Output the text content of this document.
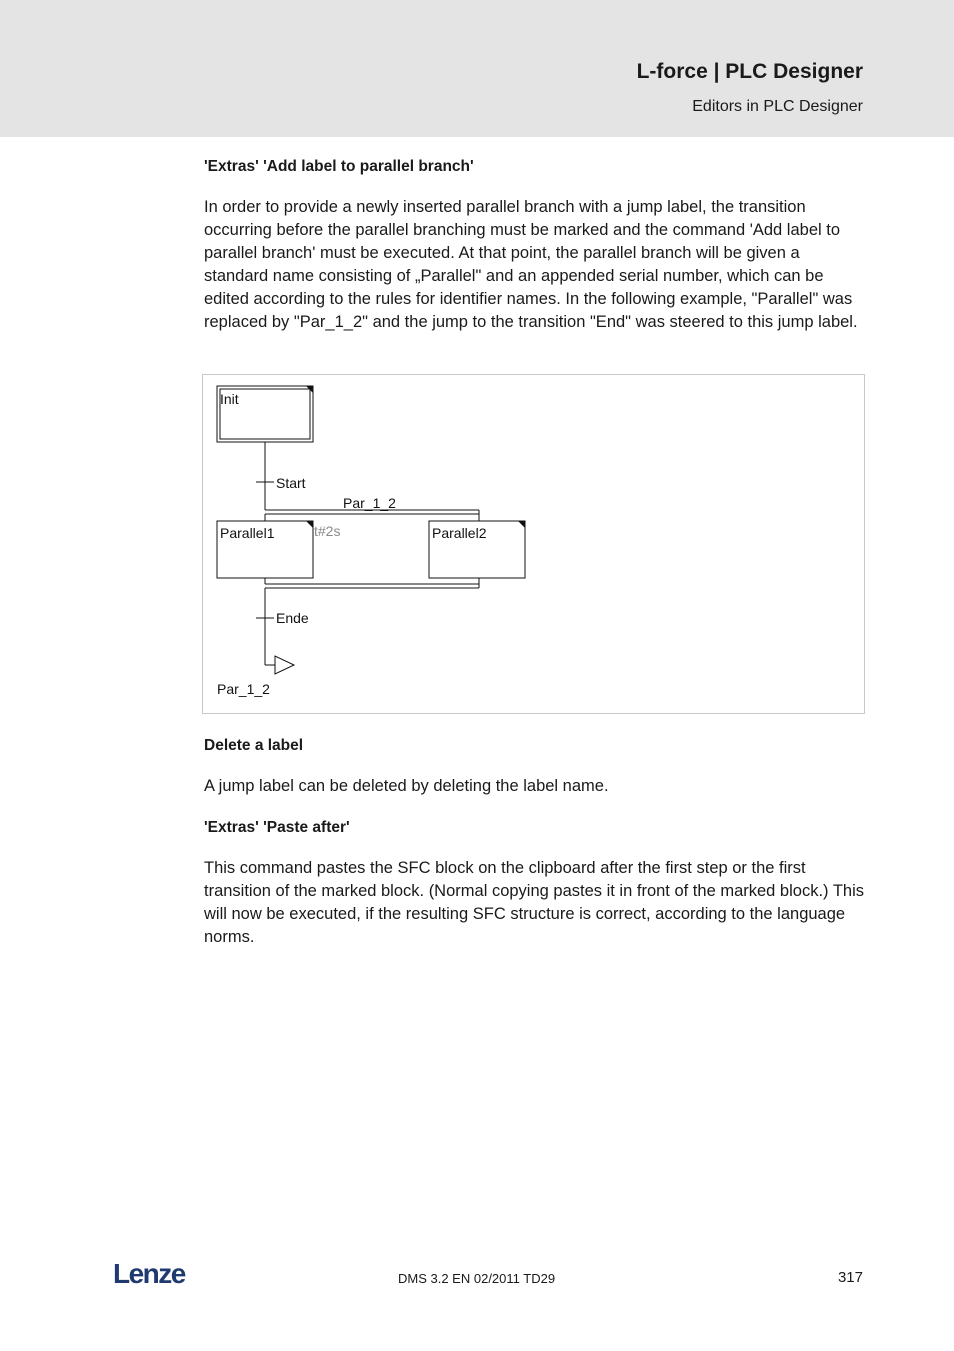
L-force | PLC Designer
Editors in PLC Designer

'Extras' 'Add label to parallel branch'

In order to provide a newly inserted parallel branch with a jump label, the transition occurring before the parallel branching must be marked and the command 'Add label to parallel branch' must be executed. At that point, the parallel branch will be given a standard name consisting of „Parallel" and an appended serial number, which can be edited according to the rules for identifier names. In the following example, "Parallel" was replaced by "Par_1_2" and the jump to the transition "End" was steered to this jump label.

Init
Start
Par_1_2
Parallel1	t#2s	Parallel2
Ende
Par_1_2

Delete a label

A jump label can be deleted by deleting the label name.

'Extras' 'Paste after'

This command pastes the SFC block on the clipboard after the first step or the first transition of the marked block. (Normal copying pastes it in front of the marked block.) This will now be executed, if the resulting SFC structure is correct, according to the language norms.

Lenze	DMS 3.2 EN 02/2011 TD29	317
